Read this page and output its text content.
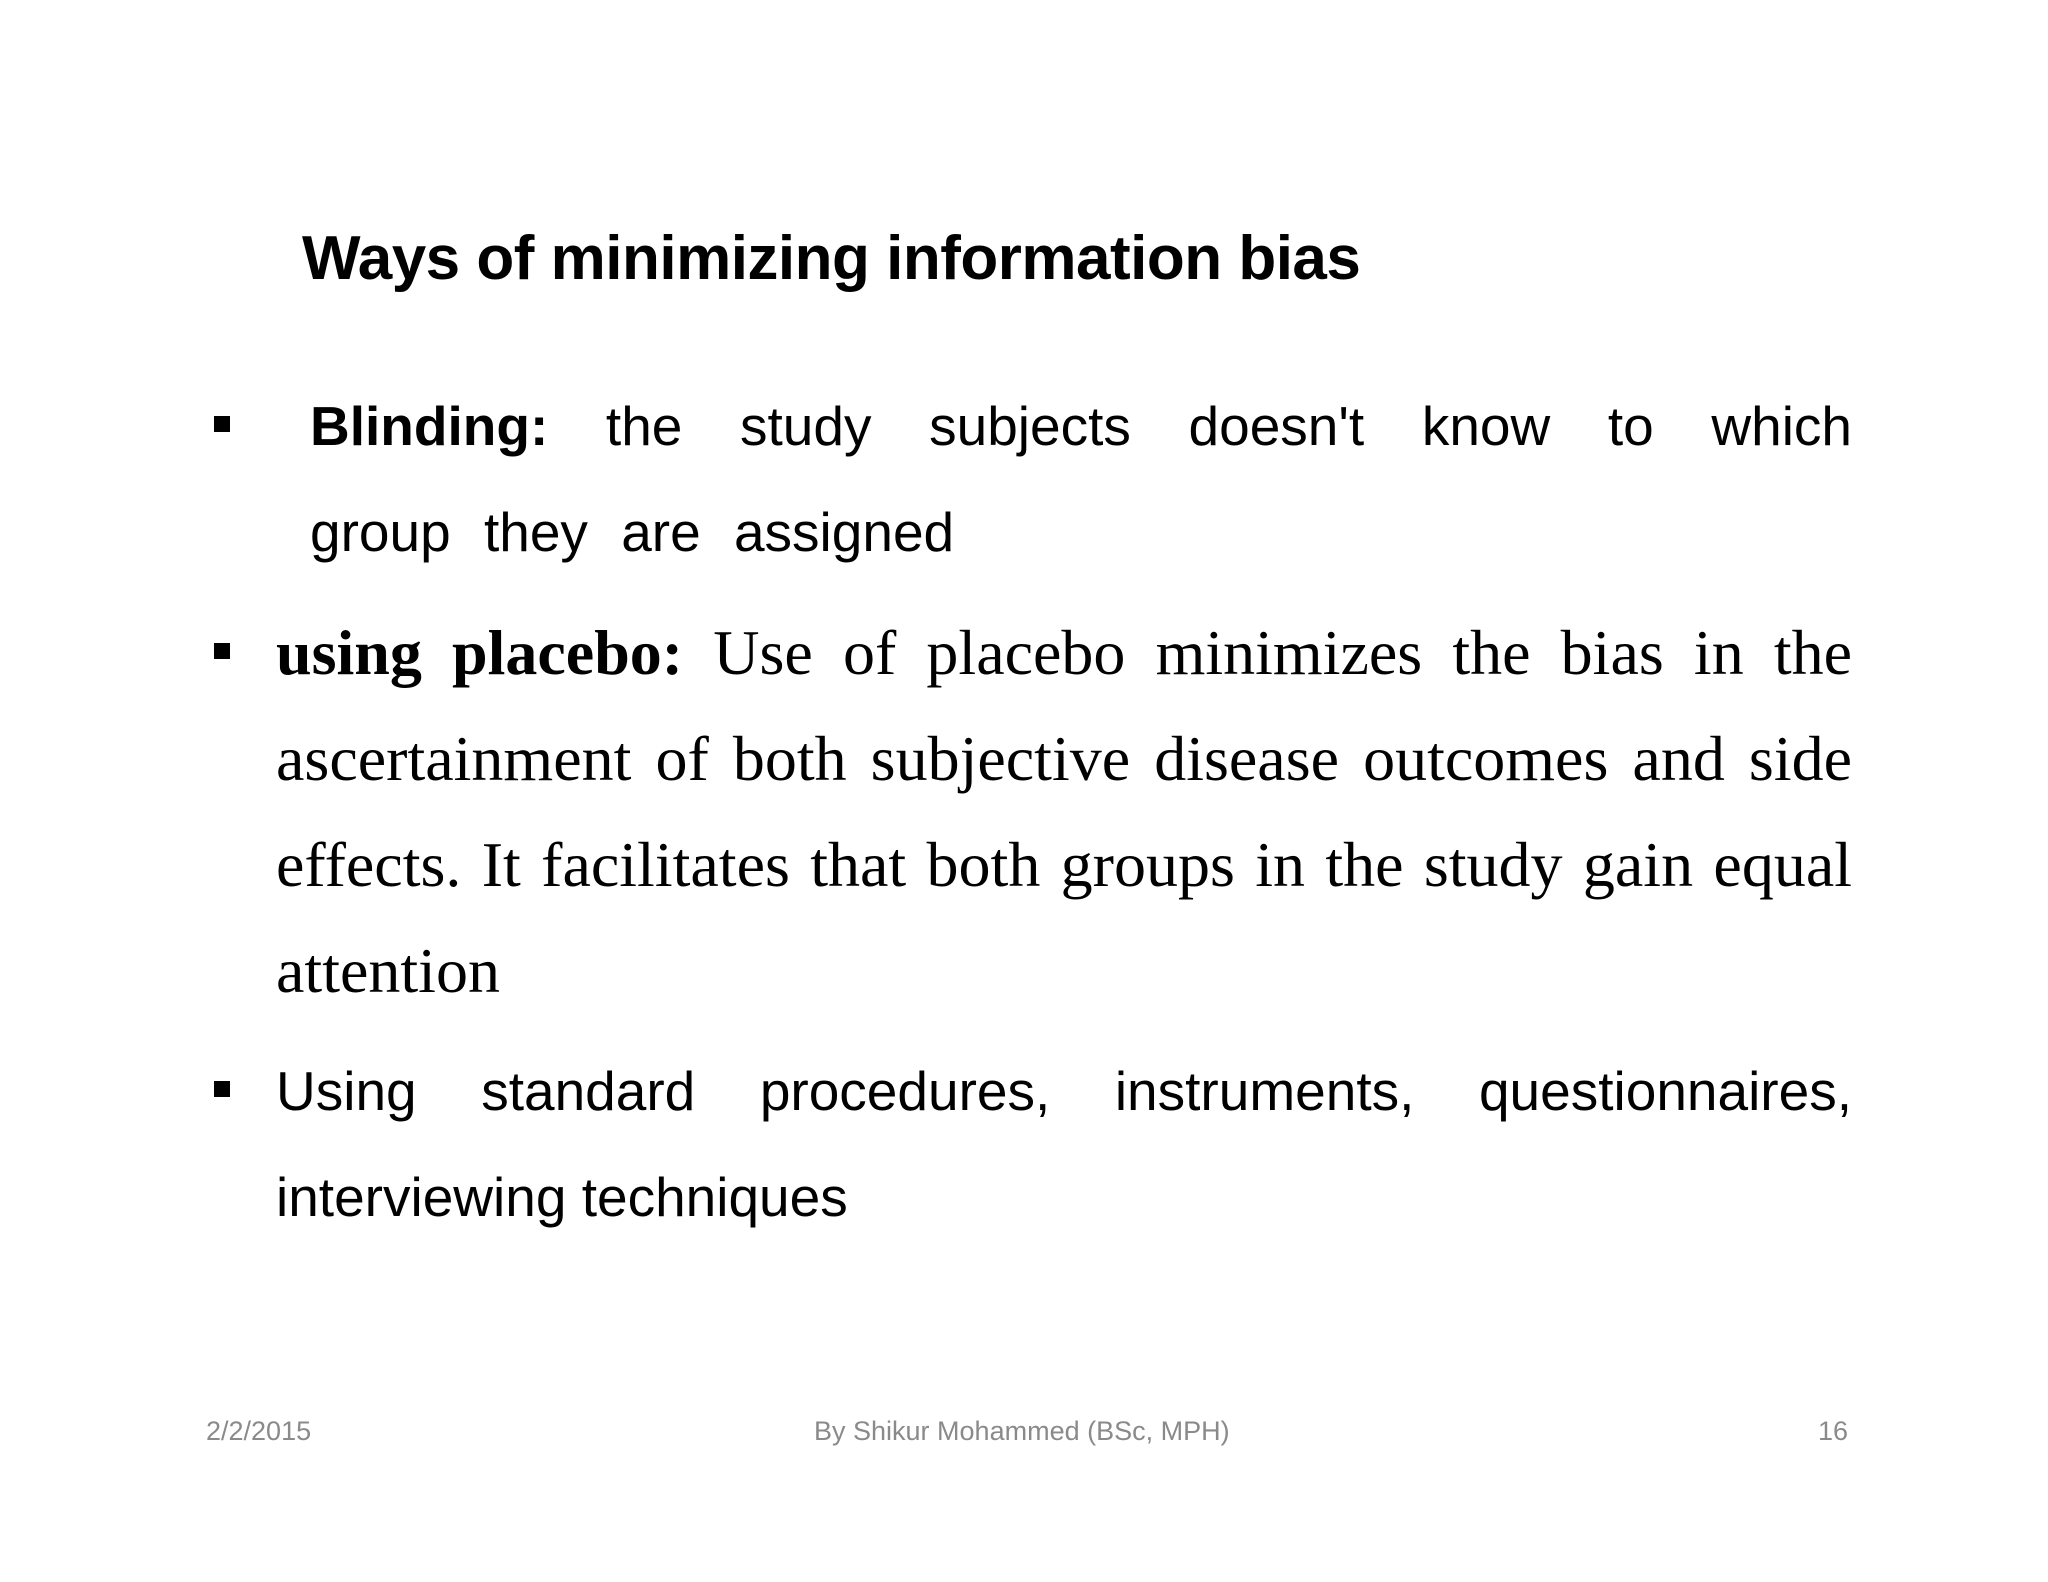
Ways of minimizing information bias
Blinding: the study subjects doesn't know to which group they are assigned
using placebo: Use of placebo minimizes the bias in the ascertainment of both subjective disease outcomes and side effects. It facilitates that both groups in the study gain equal attention
Using standard procedures, instruments, questionnaires, interviewing techniques
2/2/2015	By Shikur Mohammed (BSc, MPH)	16
